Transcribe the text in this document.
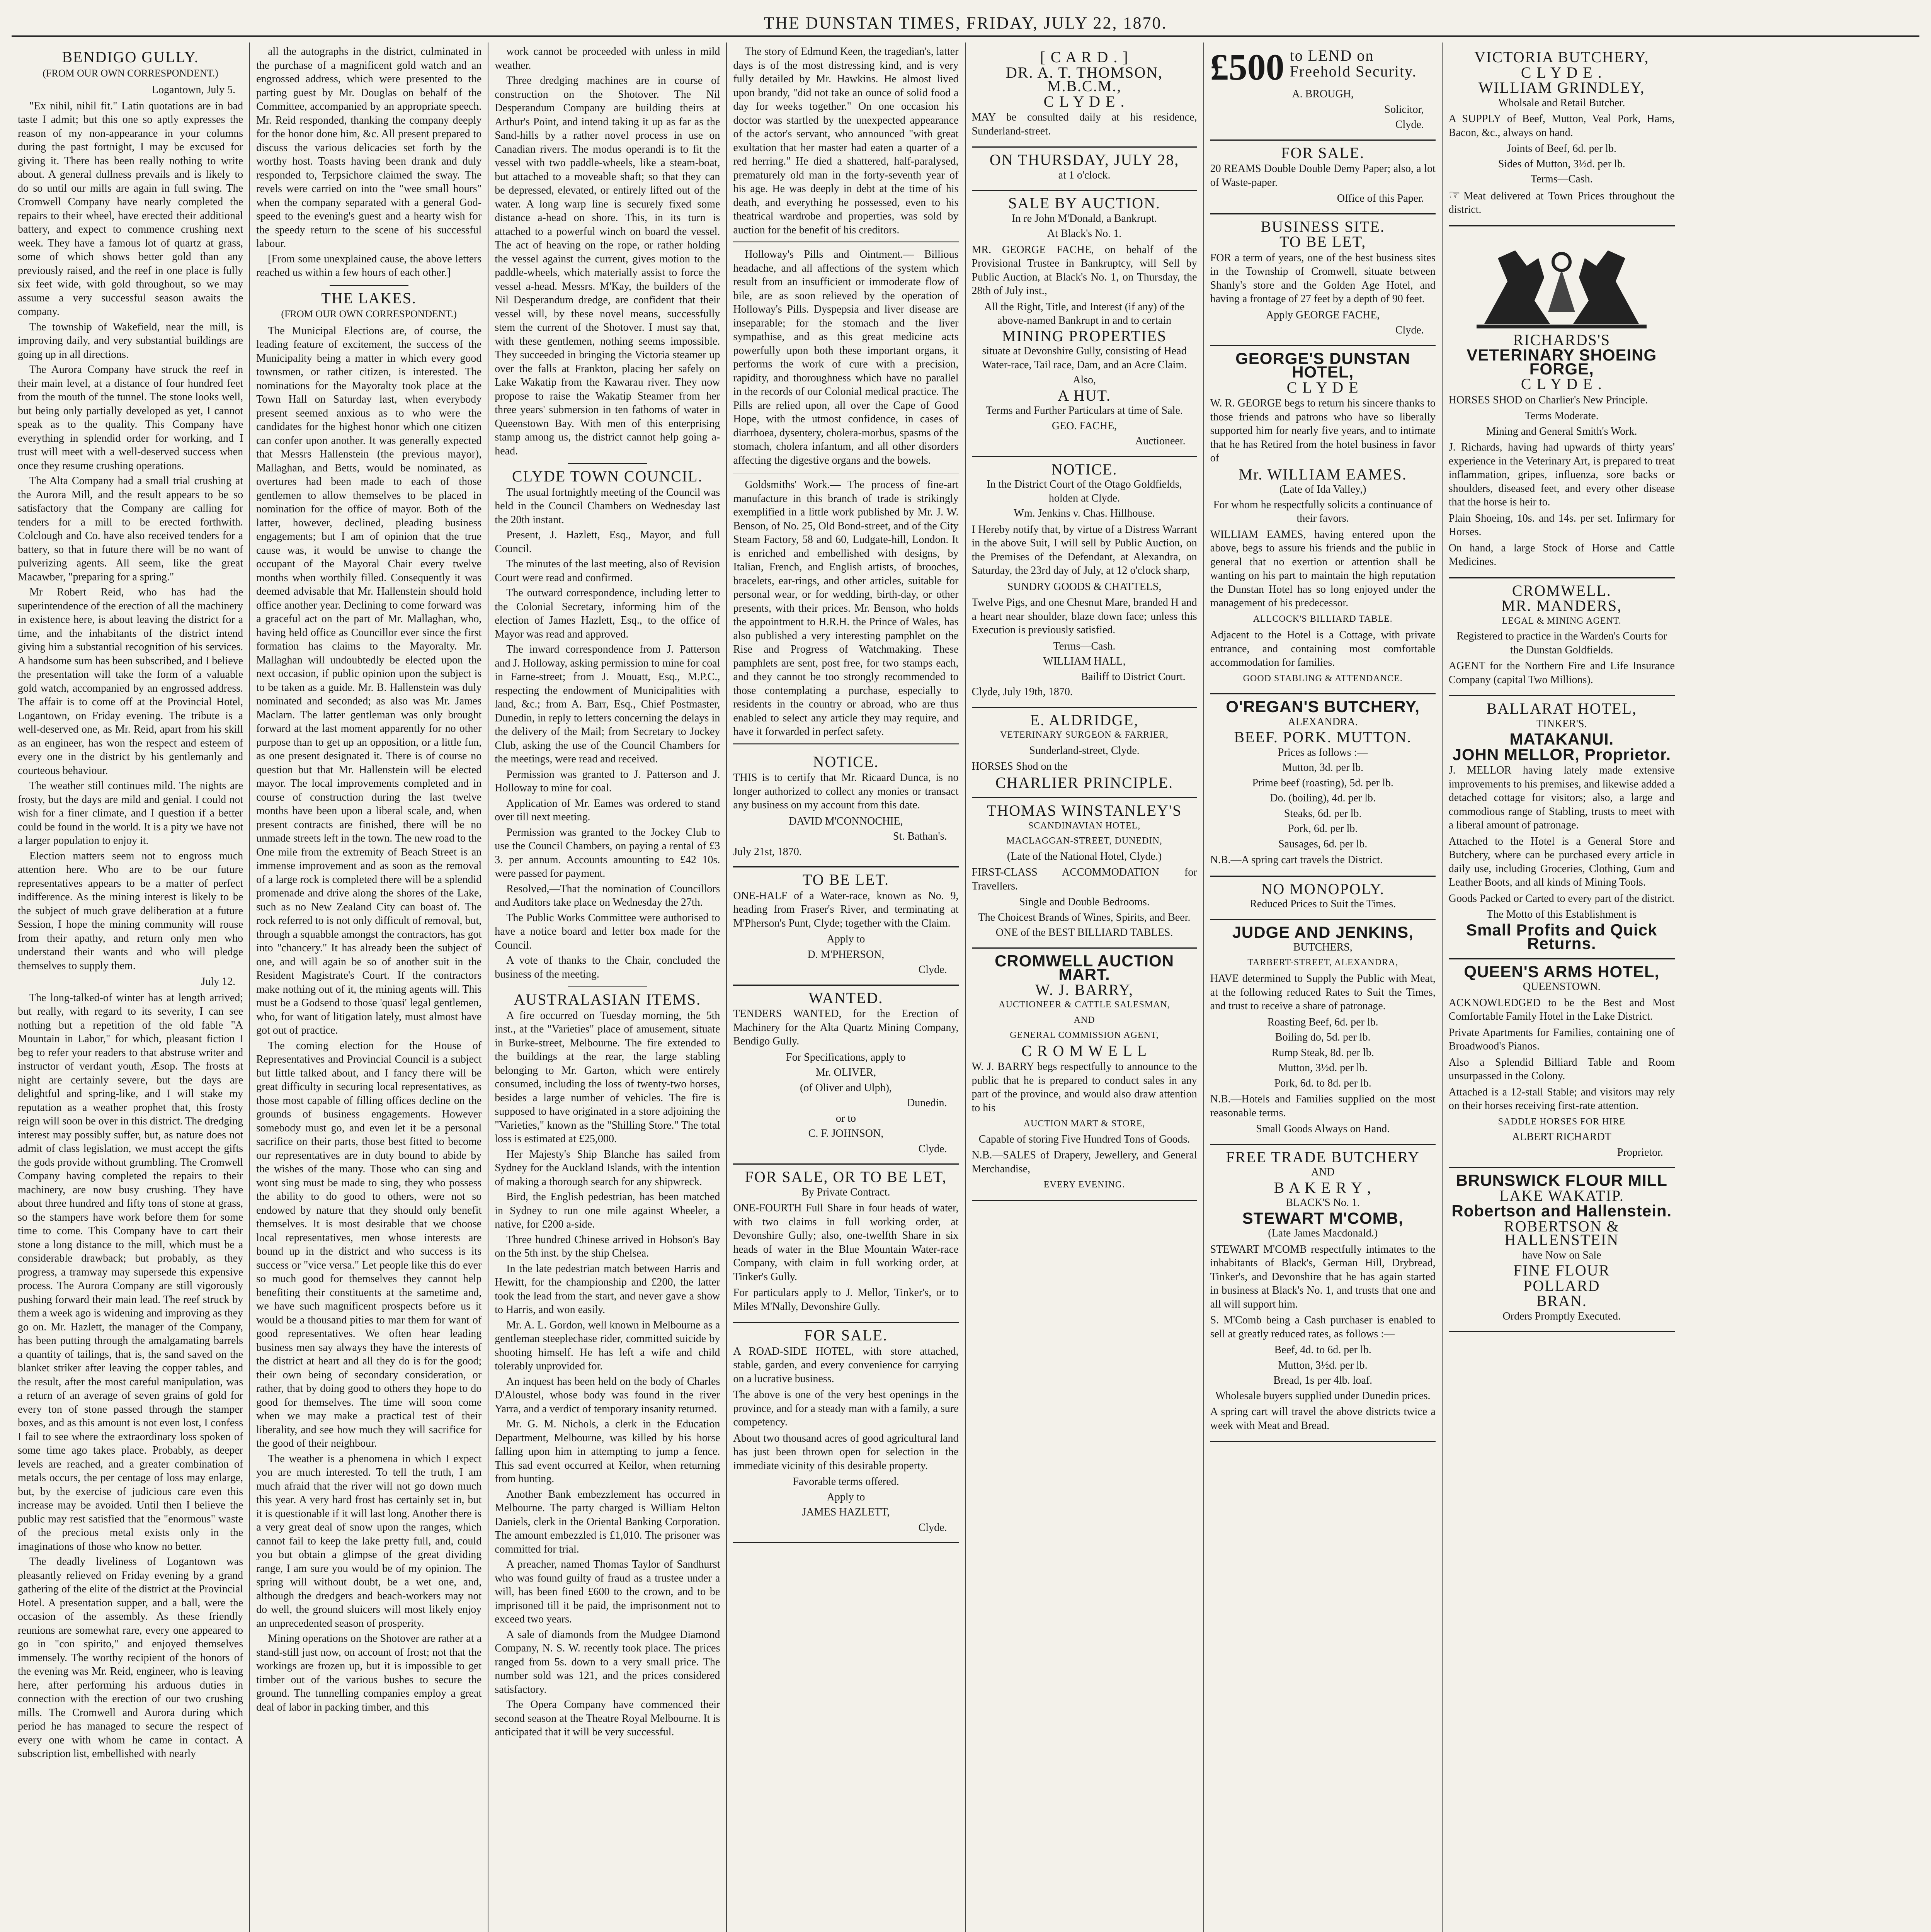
THE DUNSTAN TIMES, FRIDAY, JULY 22, 1870.
BENDIGO GULLY.
(FROM OUR OWN CORRESPONDENT.)
Logantown, July 5.

"Ex nihil, nihil fit." Latin quotations are in bad taste I admit; but this one so aptly expresses the reason of my non-appearance in your columns during the past fortnight, I may be excused for giving it. There has been really nothing to write about. A general dullness prevails and is likely to do so until our mills are again in full swing. The Cromwell Company have nearly completed the repairs to their wheel, have erected their additional battery, and expect to commence crushing next week. They have a famous lot of quartz at grass, some of which shows better gold than any previously raised, and the reef in one place is fully six feet wide, with gold throughout, so we may assume a very successful season awaits the company.

The township of Wakefield, near the mill, is improving daily, and very substantial buildings are going up in all directions.

The Aurora Company have struck the reef in their main level, at a distance of four hundred feet from the mouth of the tunnel. The stone looks well, but being only partially developed as yet, I cannot speak as to the quality. This Company have everything in splendid order for working, and I trust will meet with a well-deserved success when once they resume crushing operations.

The Alta Company had a small trial crushing at the Aurora Mill, and the result appears to be so satisfactory that the Company are calling for tenders for a mill to be erected forthwith. Colclough and Co. have also received tenders for a battery, so that in future there will be no want of pulverizing agents. All seem, like the great Macawber, "preparing for a spring."

Mr Robert Reid, who has had the superintendence of the erection of all the machinery in existence here, is about leaving the district for a time, and the inhabitants of the district intend giving him a substantial recognition of his services. A handsome sum has been subscribed, and I believe the presentation will take the form of a valuable gold watch, accompanied by an engrossed address. The affair is to come off at the Provincial Hotel, Logantown, on Friday evening. The tribute is a well-deserved one, as Mr. Reid, apart from his skill as an engineer, has won the respect and esteem of every one in the district by his gentlemanly and courteous behaviour.

The weather still continues mild. The nights are frosty, but the days are mild and genial. I could not wish for a finer climate, and I question if a better could be found in the world. It is a pity we have not a larger population to enjoy it.

Election matters seem not to engross much attention here. Who are to be our future representatives appears to be a matter of perfect indifference. As the mining interest is likely to be the subject of much grave deliberation at a future Session, I hope the mining community will rouse from their apathy, and return only men who understand their wants and who will pledge themselves to supply them.

July 12.

The long-talked-of winter has at length arrived; but really, with regard to its severity, I can see nothing but a repetition of the old fable "A Mountain in Labor," for which, pleasant fiction I beg to refer your readers to that abstruse writer and instructor of verdant youth, Æsop. The frosts at night are certainly severe, but the days are delightful and spring-like, and I will stake my reputation as a weather prophet that, this frosty reign will soon be over in this district. The dredging interest may possibly suffer, but, as nature does not admit of class legislation, we must accept the gifts the gods provide without grumbling. The Cromwell Company having completed the repairs to their machinery, are now busy crushing. They have about three hundred and fifty tons of stone at grass, so the stampers have work before them for some time to come. This Company have to cart their stone a long distance to the mill, which must be a considerable drawback; but probably, as they progress, a tramway may supersede this expensive process. The Aurora Company are still vigorously pushing forward their main lead. The reef struck by them a week ago is widening and improving as they go on. Mr. Hazlett, the manager of the Company, has been putting through the amalgamating barrels a quantity of tailings, that is, the sand saved on the blanket striker after leaving the copper tables, and the result, after the most careful manipulation, was a return of an average of seven grains of gold for every ton of stone passed through the stamper boxes, and as this amount is not even lost, I confess I fail to see where the extraordinary loss spoken of some time ago takes place. Probably, as deeper levels are reached, and a greater combination of metals occurs, the per centage of loss may enlarge, but, by the exercise of judicious care even this increase may be avoided. Until then I believe the public may rest satisfied that the "enormous" waste of the precious metal exists only in the imaginations of those who know no better.

The deadly liveliness of Logantown was pleasantly relieved on Friday evening by a grand gathering of the elite of the district at the Provincial Hotel. A presentation supper, and a ball, were the occasion of the assembly. As these friendly reunions are somewhat rare, every one appeared to go in "con spirito," and enjoyed themselves immensely. The worthy recipient of the honors of the evening was Mr. Reid, engineer, who is leaving here, after performing his arduous duties in connection with the erection of our two crushing mills. The Cromwell and Aurora during which period he has managed to secure the respect of every one with whom he came in contact. A subscription list, embellished with nearly

all the autographs in the district, culminated in the purchase of a magnificent gold watch and an engrossed address, which were presented to the parting guest by Mr. Douglas on behalf of the Committee, accompanied by an appropriate speech. Mr. Reid responded, thanking the company deeply for the honor done him, &c. All present prepared to discuss the various delicacies set forth by the worthy host. Toasts having been drank and duly responded to, Terpsichore claimed the sway. The revels were carried on into the "wee small hours" when the company separated with a general God-speed to the evening's guest and a hearty wish for the speedy return to the scene of his successful labour.

[From some unexplained cause, the above letters reached us within a few hours of each other.]

THE LAKES.
(FROM OUR OWN CORRESPONDENT.)

The Municipal Elections are, of course, the leading feature of excitement, the success of the Municipality being a matter in which every good townsmen, or rather citizen, is interested. The nominations for the Mayoralty took place at the Town Hall on Saturday last, when everybody present seemed anxious as to who were the candidates for the highest honor which one citizen can confer upon another. It was generally expected that Messrs Hallenstein (the previous mayor), Mallaghan, and Betts, would be nominated, as overtures had been made to each of those gentlemen to allow themselves to be placed in nomination for the office of mayor. Both of the latter, however, declined, pleading business engagements; but I am of opinion that the true cause was, it would be unwise to change the occupant of the Mayoral Chair every twelve months when worthily filled. Consequently it was deemed advisable that Mr. Hallenstein should hold office another year. Declining to come forward was a graceful act on the part of Mr. Mallaghan, who, having held office as Councillor ever since the first formation has claims to the Mayoralty. Mr. Mallaghan will undoubtedly be elected upon the next occasion, if public opinion upon the subject is to be taken as a guide. Mr. B. Hallenstein was duly nominated and seconded; as also was Mr. James Maclarn. The latter gentleman was only brought forward at the last moment apparently for no other purpose than to get up an opposition, or a little fun, as one present designated it. There is of course no question but that Mr. Hallenstein will be elected mayor. The local improvements completed and in course of construction during the last twelve months have been upon a liberal scale, and, when present contracts are finished, there will be no unmade streets left in the town. The new road to the One mile from the extremity of Beach Street is an immense improvement and as soon as the removal of a large rock is completed there will be a splendid promenade and drive along the shores of the Lake, such as no New Zealand City can boast of. The rock referred to is not only difficult of removal, but, through a squabble amongst the contractors, has got into "chancery." It has already been the subject of one, and will again be so of another suit in the Resident Magistrate's Court. If the contractors make nothing out of it, the mining agents will. This must be a Godsend to those 'quasi' legal gentlemen, who, for want of litigation lately, must almost have got out of practice.

The coming election for the House of Representatives and Provincial Council is a subject but little talked about, and I fancy there will be great difficulty in securing local representatives, as those most capable of filling offices decline on the grounds of business engagements. However somebody must go, and even let it be a personal sacrifice on their parts, those best fitted to become our representatives are in duty bound to abide by the wishes of the many. Those who can sing and wont sing must be made to sing, they who possess the ability to do good to others, were not so endowed by nature that they should only benefit themselves. It is most desirable that we choose local representatives, men whose interests are bound up in the district and who success is its success or "vice versa." Let people like this do ever so much good for themselves they cannot help benefiting their constituents at the sametime and, we have such magnificent prospects before us it would be a thousand pities to mar them for want of good representatives. We often hear leading business men say always they have the interests of the district at heart and all they do is for the good; their own being of secondary consideration, or rather, that by doing good to others they hope to do good for themselves. The time will soon come when we may make a practical test of their liberality, and see how much they will sacrifice for the good of their neighbour.

The weather is a phenomena in which I expect you are much interested. To tell the truth, I am much afraid that the river will not go down much this year. A very hard frost has certainly set in, but it is questionable if it will last long. Another there is a very great deal of snow upon the ranges, which cannot fail to keep the lake pretty full, and, could you but obtain a glimpse of the great dividing range, I am sure you would be of my opinion. The spring will without doubt, be a wet one, and, although the dredgers and beach-workers may not do well, the ground sluicers will most likely enjoy an unprecedented season of prosperity.

Mining operations on the Shotover are rather at a stand-still just now, on account of frost; not that the workings are frozen up, but it is impossible to get timber out of the various bushes to secure the ground. The tunnelling companies employ a great deal of labor in packing timber, and this

work cannot be proceeded with unless in mild weather.

Three dredging machines are in course of construction on the Shotover. The Nil Desperandum Company are building theirs at Arthur's Point, and intend taking it up as far as the Sand-hills by a rather novel process in use on Canadian rivers. The modus operandi is to fit the vessel with two paddle-wheels, like a steam-boat, but attached to a moveable shaft; so that they can be depressed, elevated, or entirely lifted out of the water. A long warp line is securely fixed some distance a-head on shore. This, in its turn is attached to a powerful winch on board the vessel. The act of heaving on the rope, or rather holding the vessel against the current, gives motion to the paddle-wheels, which materially assist to force the vessel a-head. Messrs. M'Kay, the builders of the Nil Desperandum dredge, are confident that their vessel will, by these novel means, successfully stem the current of the Shotover. I must say that, with these gentlemen, nothing seems impossible. They succeeded in bringing the Victoria steamer up over the falls at Frankton, placing her safely on Lake Wakatip from the Kawarau river. They now propose to raise the Wakatip Steamer from her three years' submersion in ten fathoms of water in Queenstown Bay. With men of this enterprising stamp among us, the district cannot help going a-head.

CLYDE TOWN COUNCIL.

The usual fortnightly meeting of the Council was held in the Council Chambers on Wednesday last the 20th instant.

Present, J. Hazlett, Esq., Mayor, and full Council.

The minutes of the last meeting, also of Revision Court were read and confirmed.

The outward correspondence, including letter to the Colonial Secretary, informing him of the election of James Hazlett, Esq., to the office of Mayor was read and approved.

The inward correspondence from J. Patterson and J. Holloway, asking permission to mine for coal in Farne-street; from J. Mouatt, Esq., M.P.C., respecting the endowment of Municipalities with land, &c.; from A. Barr, Esq., Chief Postmaster, Dunedin, in reply to letters concerning the delays in the delivery of the Mail; from Secretary to Jockey Club, asking the use of the Council Chambers for the meetings, were read and received.

Permission was granted to J. Patterson and J. Holloway to mine for coal.

Application of Mr. Eames was ordered to stand over till next meeting.

Permission was granted to the Jockey Club to use the Council Chambers, on paying a rental of £3 3. per annum. Accounts amounting to £42 10s. were passed for payment.

Resolved,—That the nomination of Councillors and Auditors take place on Wednesday the 27th.

The Public Works Committee were authorised to have a notice board and letter box made for the Council.

A vote of thanks to the Chair, concluded the business of the meeting.

AUSTRALASIAN ITEMS.

A fire occurred on Tuesday morning, the 5th inst., at the "Varieties" place of amusement, situate in Burke-street, Melbourne. The fire extended to the buildings at the rear, the large stabling belonging to Mr. Garton, which were entirely consumed, including the loss of twenty-two horses, besides a large number of vehicles. The fire is supposed to have originated in a store adjoining the "Varieties," known as the "Shilling Store." The total loss is estimated at £25,000.

Her Majesty's Ship Blanche has sailed from Sydney for the Auckland Islands, with the intention of making a thorough search for any shipwreck.

Bird, the English pedestrian, has been matched in Sydney to run one mile against Wheeler, a native, for £200 a-side.

Three hundred Chinese arrived in Hobson's Bay on the 5th inst. by the ship Chelsea.

In the late pedestrian match between Harris and Hewitt, for the championship and £200, the latter took the lead from the start, and never gave a show to Harris, and won easily.

Mr. A. L. Gordon, well known in Melbourne as a gentleman steeplechase rider, committed suicide by shooting himself. He has left a wife and child tolerably unprovided for.

An inquest has been held on the body of Charles D'Aloustel, whose body was found in the river Yarra, and a verdict of temporary insanity returned.

Mr. G. M. Nichols, a clerk in the Education Department, Melbourne, was killed by his horse falling upon him in attempting to jump a fence. This sad event occurred at Keilor, when returning from hunting.

Another Bank embezzlement has occurred in Melbourne. The party charged is William Helton Daniels, clerk in the Oriental Banking Corporation. The amount embezzled is £1,010. The prisoner was committed for trial.

A preacher, named Thomas Taylor of Sandhurst who was found guilty of fraud as a trustee under a will, has been fined £600 to the crown, and to be imprisoned till it be paid, the imprisonment not to exceed two years.

A sale of diamonds from the Mudgee Diamond Company, N. S. W. recently took place. The prices ranged from 5s. down to a very small price. The number sold was 121, and the prices considered satisfactory.

The Opera Company have commenced their second season at the Theatre Royal Melbourne. It is anticipated that it will be very successful.

The story of Edmund Keen, the tragedian's, latter days is of the most distressing kind, and is very fully detailed by Mr. Hawkins. He almost lived upon brandy, "did not take an ounce of solid food a day for weeks together." On one occasion his doctor was startled by the unexpected appearance of the actor's servant, who announced "with great exultation that her master had eaten a quarter of a red herring." He died a shattered, half-paralysed, prematurely old man in the forty-seventh year of his age. He was deeply in debt at the time of his death, and everything he possessed, even to his theatrical wardrobe and properties, was sold by auction for the benefit of his creditors.

Holloway's Pills and Ointment.— Billious headache, and all affections of the system which result from an insufficient or immoderate flow of bile, are as soon relieved by the operation of Holloway's Pills. Dyspepsia and liver disease are inseparable; for the stomach and the liver sympathise, and as this great medicine acts powerfully upon both these important organs, it performs the work of cure with a precision, rapidity, and thoroughness which have no parallel in the records of our Colonial medical practice. The Pills are relied upon, all over the Cape of Good Hope, with the utmost confidence, in cases of diarrhoea, dysentery, cholera-morbus, spasms of the stomach, cholera infantum, and all other disorders affecting the digestive organs and the bowels.

Goldsmiths' Work.— The process of fine-art manufacture in this branch of trade is strikingly exemplified in a little work published by Mr. J. W. Benson, of No. 25, Old Bond-street, and of the City Steam Factory, 58 and 60, Ludgate-hill, London. It is enriched and embellished with designs, by Italian, French, and English artists, of brooches, bracelets, ear-rings, and other articles, suitable for personal wear, or for wedding, birth-day, or other presents, with their prices. Mr. Benson, who holds the appointment to H.R.H. the Prince of Wales, has also published a very interesting pamphlet on the Rise and Progress of Watchmaking. These pamphlets are sent, post free, for two stamps each, and they cannot be too strongly recommended to those contemplating a purchase, especially to residents in the country or abroad, who are thus enabled to select any article they may require, and have it forwarded in perfect safety.

NOTICE.

THIS is to certify that Mr. Ricaard Dunca, is no longer authorized to collect any monies or transact any business on my account from this date.

DAVID M'CONNOCHIE,
St. Bathan's.
July 21st, 1870.
TO BE LET.

ONE-HALF of a Water-race, known as No. 9, heading from Fraser's River, and terminating at M'Pherson's Punt, Clyde; together with the Claim.

Apply to
D. M'PHERSON,
Clyde.
WANTED.

TENDERS WANTED, for the Erection of Machinery for the Alta Quartz Mining Company, Bendigo Gully.

For Specifications, apply to
Mr. OLIVER,
(of Oliver and Ulph),
Dunedin.
or to
C. F. JOHNSON,
Clyde.
FOR SALE, OR TO BE LET,
By Private Contract.

ONE-FOURTH Full Share in four heads of water, with two claims in full working order, at Devonshire Gully; also, one-twelfth Share in six heads of water in the Blue Mountain Water-race Company, with claim in full working order, at Tinker's Gully.

For particulars apply to J. Mellor, Tinker's, or to Miles M'Nally, Devonshire Gully.

FOR SALE.

A ROAD-SIDE HOTEL, with store attached, stable, garden, and every convenience for carrying on a lucrative business.

The above is one of the very best openings in the province, and for a steady man with a family, a sure competency.

About two thousand acres of good agricultural land has just been thrown open for selection in the immediate vicinity of this desirable property.

Favorable terms offered.
Apply to
JAMES HAZLETT,
Clyde.
[ C A R D . ]
DR. A. T. THOMSON, M.B.C.M.,
C L Y D E .

MAY be consulted daily at his residence, Sunderland-street.

ON THURSDAY, JULY 28,
at 1 o'clock.
SALE BY AUCTION.
In re John M'Donald, a Bankrupt.
At Black's No. 1.

MR. GEORGE FACHE, on behalf of the Provisional Trustee in Bankruptcy, will Sell by Public Auction, at Black's No. 1, on Thursday, the 28th of July inst.,

All the Right, Title, and Interest (if any) of the above-named Bankrupt in and to certain
MINING PROPERTIES
situate at Devonshire Gully, consisting of Head Water-race, Tail race, Dam, and an Acre Claim.
Also,
A HUT.
Terms and Further Particulars at time of Sale.
GEO. FACHE,
Auctioneer.
NOTICE.
In the District Court of the Otago Goldfields, holden at Clyde.
Wm. Jenkins v. Chas. Hillhouse.

I Hereby notify that, by virtue of a Distress Warrant in the above Suit, I will sell by Public Auction, on the Premises of the Defendant, at Alexandra, on Saturday, the 23rd day of July, at 12 o'clock sharp,

SUNDRY GOODS & CHATTELS,

Twelve Pigs, and one Chesnut Mare, branded H and a heart near shoulder, blaze down face; unless this Execution is previously satisfied.

Terms—Cash.
WILLIAM HALL,
Bailiff to District Court.
Clyde, July 19th, 1870.
E. ALDRIDGE,
VETERINARY SURGEON & FARRIER,
Sunderland-street, Clyde.

HORSES Shod on the

CHARLIER PRINCIPLE.
THOMAS WINSTANLEY'S
SCANDINAVIAN HOTEL,
MACLAGGAN-STREET, DUNEDIN,
(Late of the National Hotel, Clyde.)

FIRST-CLASS ACCOMMODATION for Travellers.

Single and Double Bedrooms.
The Choicest Brands of Wines, Spirits, and Beer.
ONE of the BEST BILLIARD TABLES.
CROMWELL AUCTION MART.
W. J. BARRY,
AUCTIONEER & CATTLE SALESMAN,
AND
GENERAL COMMISSION AGENT,
C R O M W E L L

W. J. BARRY begs respectfully to announce to the public that he is prepared to conduct sales in any part of the province, and would also draw attention to his

AUCTION MART & STORE,
Capable of storing Five Hundred Tons of Goods.

N.B.—SALES of Drapery, Jewellery, and General Merchandise,

EVERY EVENING.
£500 to LEND on Freehold Security.
A. BROUGH,
Solicitor,
Clyde.
FOR SALE.

20 REAMS Double Double Demy Paper; also, a lot of Waste-paper.

Office of this Paper.
BUSINESS SITE.
TO BE LET,

FOR a term of years, one of the best business sites in the Township of Cromwell, situate between Shanly's store and the Golden Age Hotel, and having a frontage of 27 feet by a depth of 90 feet.

Apply GEORGE FACHE,
Clyde.
GEORGE'S DUNSTAN HOTEL,
C L Y D E

W. R. GEORGE begs to return his sincere thanks to those friends and patrons who have so liberally supported him for nearly five years, and to intimate that he has Retired from the hotel business in favor of

Mr. WILLIAM EAMES.
(Late of Ida Valley,)
For whom he respectfully solicits a continuance of their favors.

WILLIAM EAMES, having entered upon the above, begs to assure his friends and the public in general that no exertion or attention shall be wanting on his part to maintain the high reputation the Dunstan Hotel has so long enjoyed under the management of his predecessor.

ALLCOCK'S BILLIARD TABLE.

Adjacent to the Hotel is a Cottage, with private entrance, and containing most comfortable accommodation for families.

GOOD STABLING & ATTENDANCE.
O'REGAN'S BUTCHERY,
ALEXANDRA.
BEEF. PORK. MUTTON.
Prices as follows :—
Mutton, 3d. per lb.
Prime beef (roasting), 5d. per lb.
Do. (boiling), 4d. per lb.
Steaks, 6d. per lb.
Pork, 6d. per lb.
Sausages, 6d. per lb.

N.B.—A spring cart travels the District.

NO MONOPOLY.
Reduced Prices to Suit the Times.
JUDGE AND JENKINS,
BUTCHERS,
TARBERT-STREET, ALEXANDRA,

HAVE determined to Supply the Public with Meat, at the following reduced Rates to Suit the Times, and trust to receive a share of patronage.

Roasting Beef, 6d. per lb.
Boiling do, 5d. per lb.
Rump Steak, 8d. per lb.
Mutton, 3½d. per lb.
Pork, 6d. to 8d. per lb.

N.B.—Hotels and Families supplied on the most reasonable terms.

Small Goods Always on Hand.
FREE TRADE BUTCHERY
AND
B A K E R Y ,
BLACK'S No. 1.
STEWART M'COMB,
(Late James Macdonald.)

STEWART M'COMB respectfully intimates to the inhabitants of Black's, German Hill, Drybread, Tinker's, and Devonshire that he has again started in business at Black's No. 1, and trusts that one and all will support him.

S. M'Comb being a Cash purchaser is enabled to sell at greatly reduced rates, as follows :—

Beef, 4d. to 6d. per lb.
Mutton, 3½d. per lb.
Bread, 1s per 4lb. loaf.
Wholesale buyers supplied under Dunedin prices.

A spring cart will travel the above districts twice a week with Meat and Bread.

VICTORIA BUTCHERY,
C L Y D E .
WILLIAM GRINDLEY,
Wholsale and Retail Butcher.

A SUPPLY of Beef, Mutton, Veal Pork, Hams, Bacon, &c., always on hand.

Joints of Beef, 6d. per lb.
Sides of Mutton, 3½d. per lb.
Terms—Cash.

☞ Meat delivered at Town Prices throughout the district.

RICHARDS'S
VETERINARY SHOEING FORGE,
C L Y D E .

HORSES SHOD on Charlier's New Principle.

Terms Moderate.
Mining and General Smith's Work.

J. Richards, having had upwards of thirty years' experience in the Veterinary Art, is prepared to treat inflammation, gripes, influenza, sore backs or shoulders, diseased feet, and every other disease that the horse is heir to.

Plain Shoeing, 10s. and 14s. per set. Infirmary for Horses.

On hand, a large Stock of Horse and Cattle Medicines.

CROMWELL.
MR. MANDERS,
LEGAL & MINING AGENT.
Registered to practice in the Warden's Courts for the Dunstan Goldfields.

AGENT for the Northern Fire and Life Insurance Company (capital Two Millions).

BALLARAT HOTEL,
TINKER'S.
MATAKANUI.
JOHN MELLOR, Proprietor.

J. MELLOR having lately made extensive improvements to his premises, and likewise added a detached cottage for visitors; also, a large and commodious range of Stabling, trusts to meet with a liberal amount of patronage.

Attached to the Hotel is a General Store and Butchery, where can be purchased every article in daily use, including Groceries, Clothing, Gum and Leather Boots, and all kinds of Mining Tools.

Goods Packed or Carted to every part of the district.

The Motto of this Establishment is
Small Profits and Quick Returns.
QUEEN'S ARMS HOTEL,
QUEENSTOWN.

ACKNOWLEDGED to be the Best and Most Comfortable Family Hotel in the Lake District.

Private Apartments for Families, containing one of Broadwood's Pianos.

Also a Splendid Billiard Table and Room unsurpassed in the Colony.

Attached is a 12-stall Stable; and visitors may rely on their horses receiving first-rate attention.

SADDLE HORSES FOR HIRE
ALBERT RICHARDT
Proprietor.
BRUNSWICK FLOUR MILL
LAKE WAKATIP.
Robertson and Hallenstein.
ROBERTSON & HALLENSTEIN
have Now on Sale
FINE FLOUR
POLLARD
BRAN.
Orders Promptly Executed.
